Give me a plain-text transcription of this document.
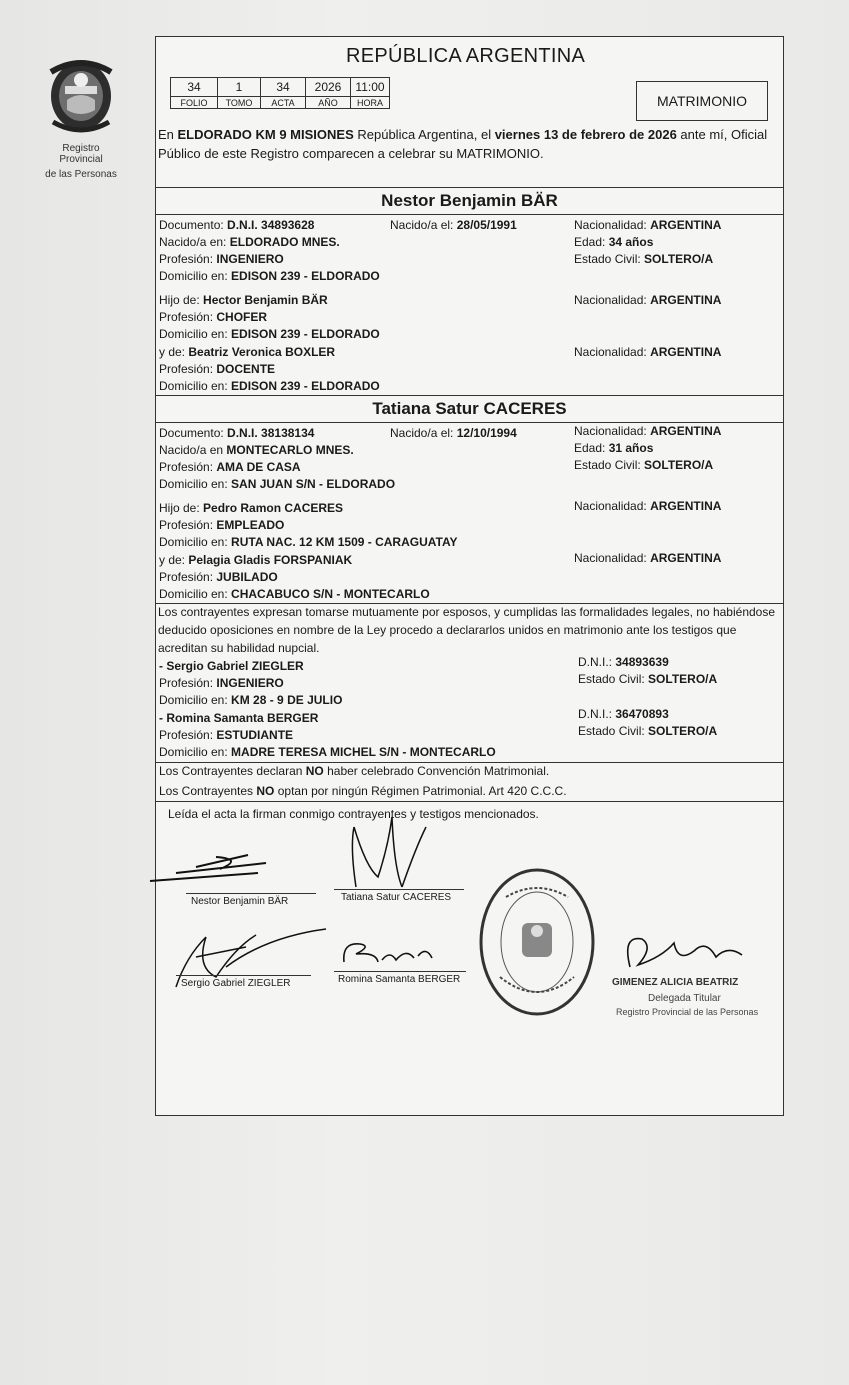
Registro Provincial
de las Personas
REPÚBLICA ARGENTINA
34	1	34	2026	11:00
FOLIO	TOMO	ACTA	AÑO	HORA	MATRIMONIO
En ELDORADO KM 9 MISIONES República Argentina, el viernes 13 de febrero de 2026 ante mí, Oficial Público de este Registro comparecen a celebrar su MATRIMONIO.
Nestor Benjamin BÄR
Documento: D.N.I. 34893628	Nacido/a el: 28/05/1991	Nacionalidad: ARGENTINA
Nacido/a en: ELDORADO MNES.	Edad: 34 años
Profesión: INGENIERO	Estado Civil: SOLTERO/A
Domicilio en: EDISON 239 - ELDORADO
Hijo de: Hector Benjamin BÄR	Nacionalidad: ARGENTINA
Profesión: CHOFER
Domicilio en: EDISON 239 - ELDORADO
y de: Beatriz Veronica BOXLER	Nacionalidad: ARGENTINA
Profesión: DOCENTE
Domicilio en: EDISON 239 - ELDORADO
Tatiana Satur CACERES
Documento: D.N.I. 38138134	Nacido/a el: 12/10/1994	Nacionalidad: ARGENTINA
Nacido/a en MONTECARLO MNES.	Edad: 31 años
Profesión: AMA DE CASA	Estado Civil: SOLTERO/A
Domicilio en: SAN JUAN S/N - ELDORADO
Hijo de: Pedro Ramon CACERES	Nacionalidad: ARGENTINA
Profesión: EMPLEADO
Domicilio en: RUTA NAC. 12 KM 1509 - CARAGUATAY
y de: Pelagia Gladis FORSPANIAK	Nacionalidad: ARGENTINA
Profesión: JUBILADO
Domicilio en: CHACABUCO S/N - MONTECARLO
Los contrayentes expresan tomarse mutuamente por esposos, y cumplidas las formalidades legales, no habiéndose deducido oposiciones en nombre de la Ley procedo a declararlos unidos en matrimonio ante los testigos que acreditan su habilidad nupcial.
- Sergio Gabriel ZIEGLER	D.N.I.: 34893639
Profesión: INGENIERO	Estado Civil: SOLTERO/A
Domicilio en: KM 28 - 9 DE JULIO
- Romina Samanta BERGER	D.N.I.: 36470893
Profesión: ESTUDIANTE	Estado Civil: SOLTERO/A
Domicilio en: MADRE TERESA MICHEL S/N - MONTECARLO
Los Contrayentes declaran NO haber celebrado Convención Matrimonial.
Los Contrayentes NO optan por ningún Régimen Patrimonial. Art 420 C.C.C.
Leída el acta la firman conmigo contrayentes y testigos mencionados.
Nestor Benjamin BÄR	Tatiana Satur CACERES
Sergio Gabriel ZIEGLER	Romina Samanta BERGER	GIMENEZ ALICIA BEATRIZ
Delegada Titular
Registro Provincial de las Personas
